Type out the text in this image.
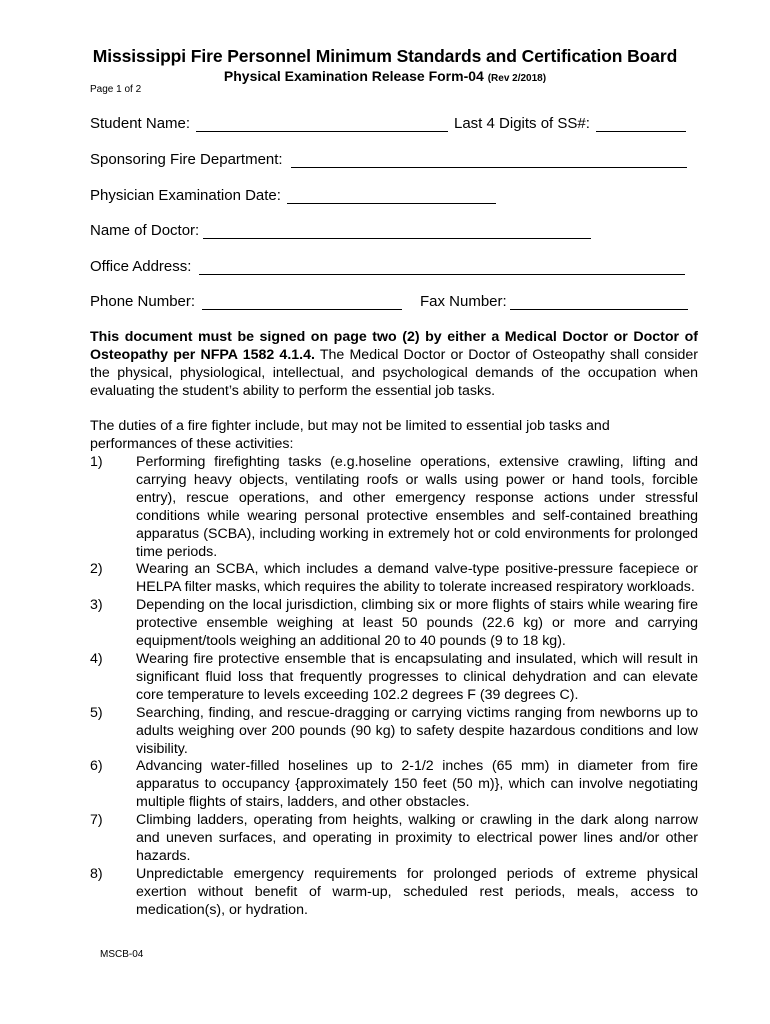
Mississippi Fire Personnel Minimum Standards and Certification Board
Physical Examination Release Form-04 (Rev 2/2018)
Page 1 of 2
Student Name:	Last 4 Digits of SS#:
Sponsoring Fire Department:
Physician Examination Date:
Name of Doctor:
Office Address:
Phone Number:	Fax Number:
This document must be signed on page two (2) by either a Medical Doctor or Doctor of Osteopathy per NFPA 1582 4.1.4. The Medical Doctor or Doctor of Osteopathy shall consider the physical, physiological, intellectual, and psychological demands of the occupation when evaluating the student’s ability to perform the essential job tasks.
The duties of a fire fighter include, but may not be limited to essential job tasks and performances of these activities:
1) Performing firefighting tasks (e.g.hoseline operations, extensive crawling, lifting and carrying heavy objects, ventilating roofs or walls using power or hand tools, forcible entry), rescue operations, and other emergency response actions under stressful conditions while wearing personal protective ensembles and self-contained breathing apparatus (SCBA), including working in extremely hot or cold environments for prolonged time periods.
2) Wearing an SCBA, which includes a demand valve-type positive-pressure facepiece or HELPA filter masks, which requires the ability to tolerate increased respiratory workloads.
3) Depending on the local jurisdiction, climbing six or more flights of stairs while wearing fire protective ensemble weighing at least 50 pounds (22.6 kg) or more and carrying equipment/tools weighing an additional 20 to 40 pounds (9 to 18 kg).
4) Wearing fire protective ensemble that is encapsulating and insulated, which will result in significant fluid loss that frequently progresses to clinical dehydration and can elevate core temperature to levels exceeding 102.2 degrees F (39 degrees C).
5) Searching, finding, and rescue-dragging or carrying victims ranging from newborns up to adults weighing over 200 pounds (90 kg) to safety despite hazardous conditions and low visibility.
6) Advancing water-filled hoselines up to 2-1/2 inches (65 mm) in diameter from fire apparatus to occupancy {approximately 150 feet (50 m)}, which can involve negotiating multiple flights of stairs, ladders, and other obstacles.
7) Climbing ladders, operating from heights, walking or crawling in the dark along narrow and uneven surfaces, and operating in proximity to electrical power lines and/or other hazards.
8) Unpredictable emergency requirements for prolonged periods of extreme physical exertion without benefit of warm-up, scheduled rest periods, meals, access to medication(s), or hydration.
MSCB-04
